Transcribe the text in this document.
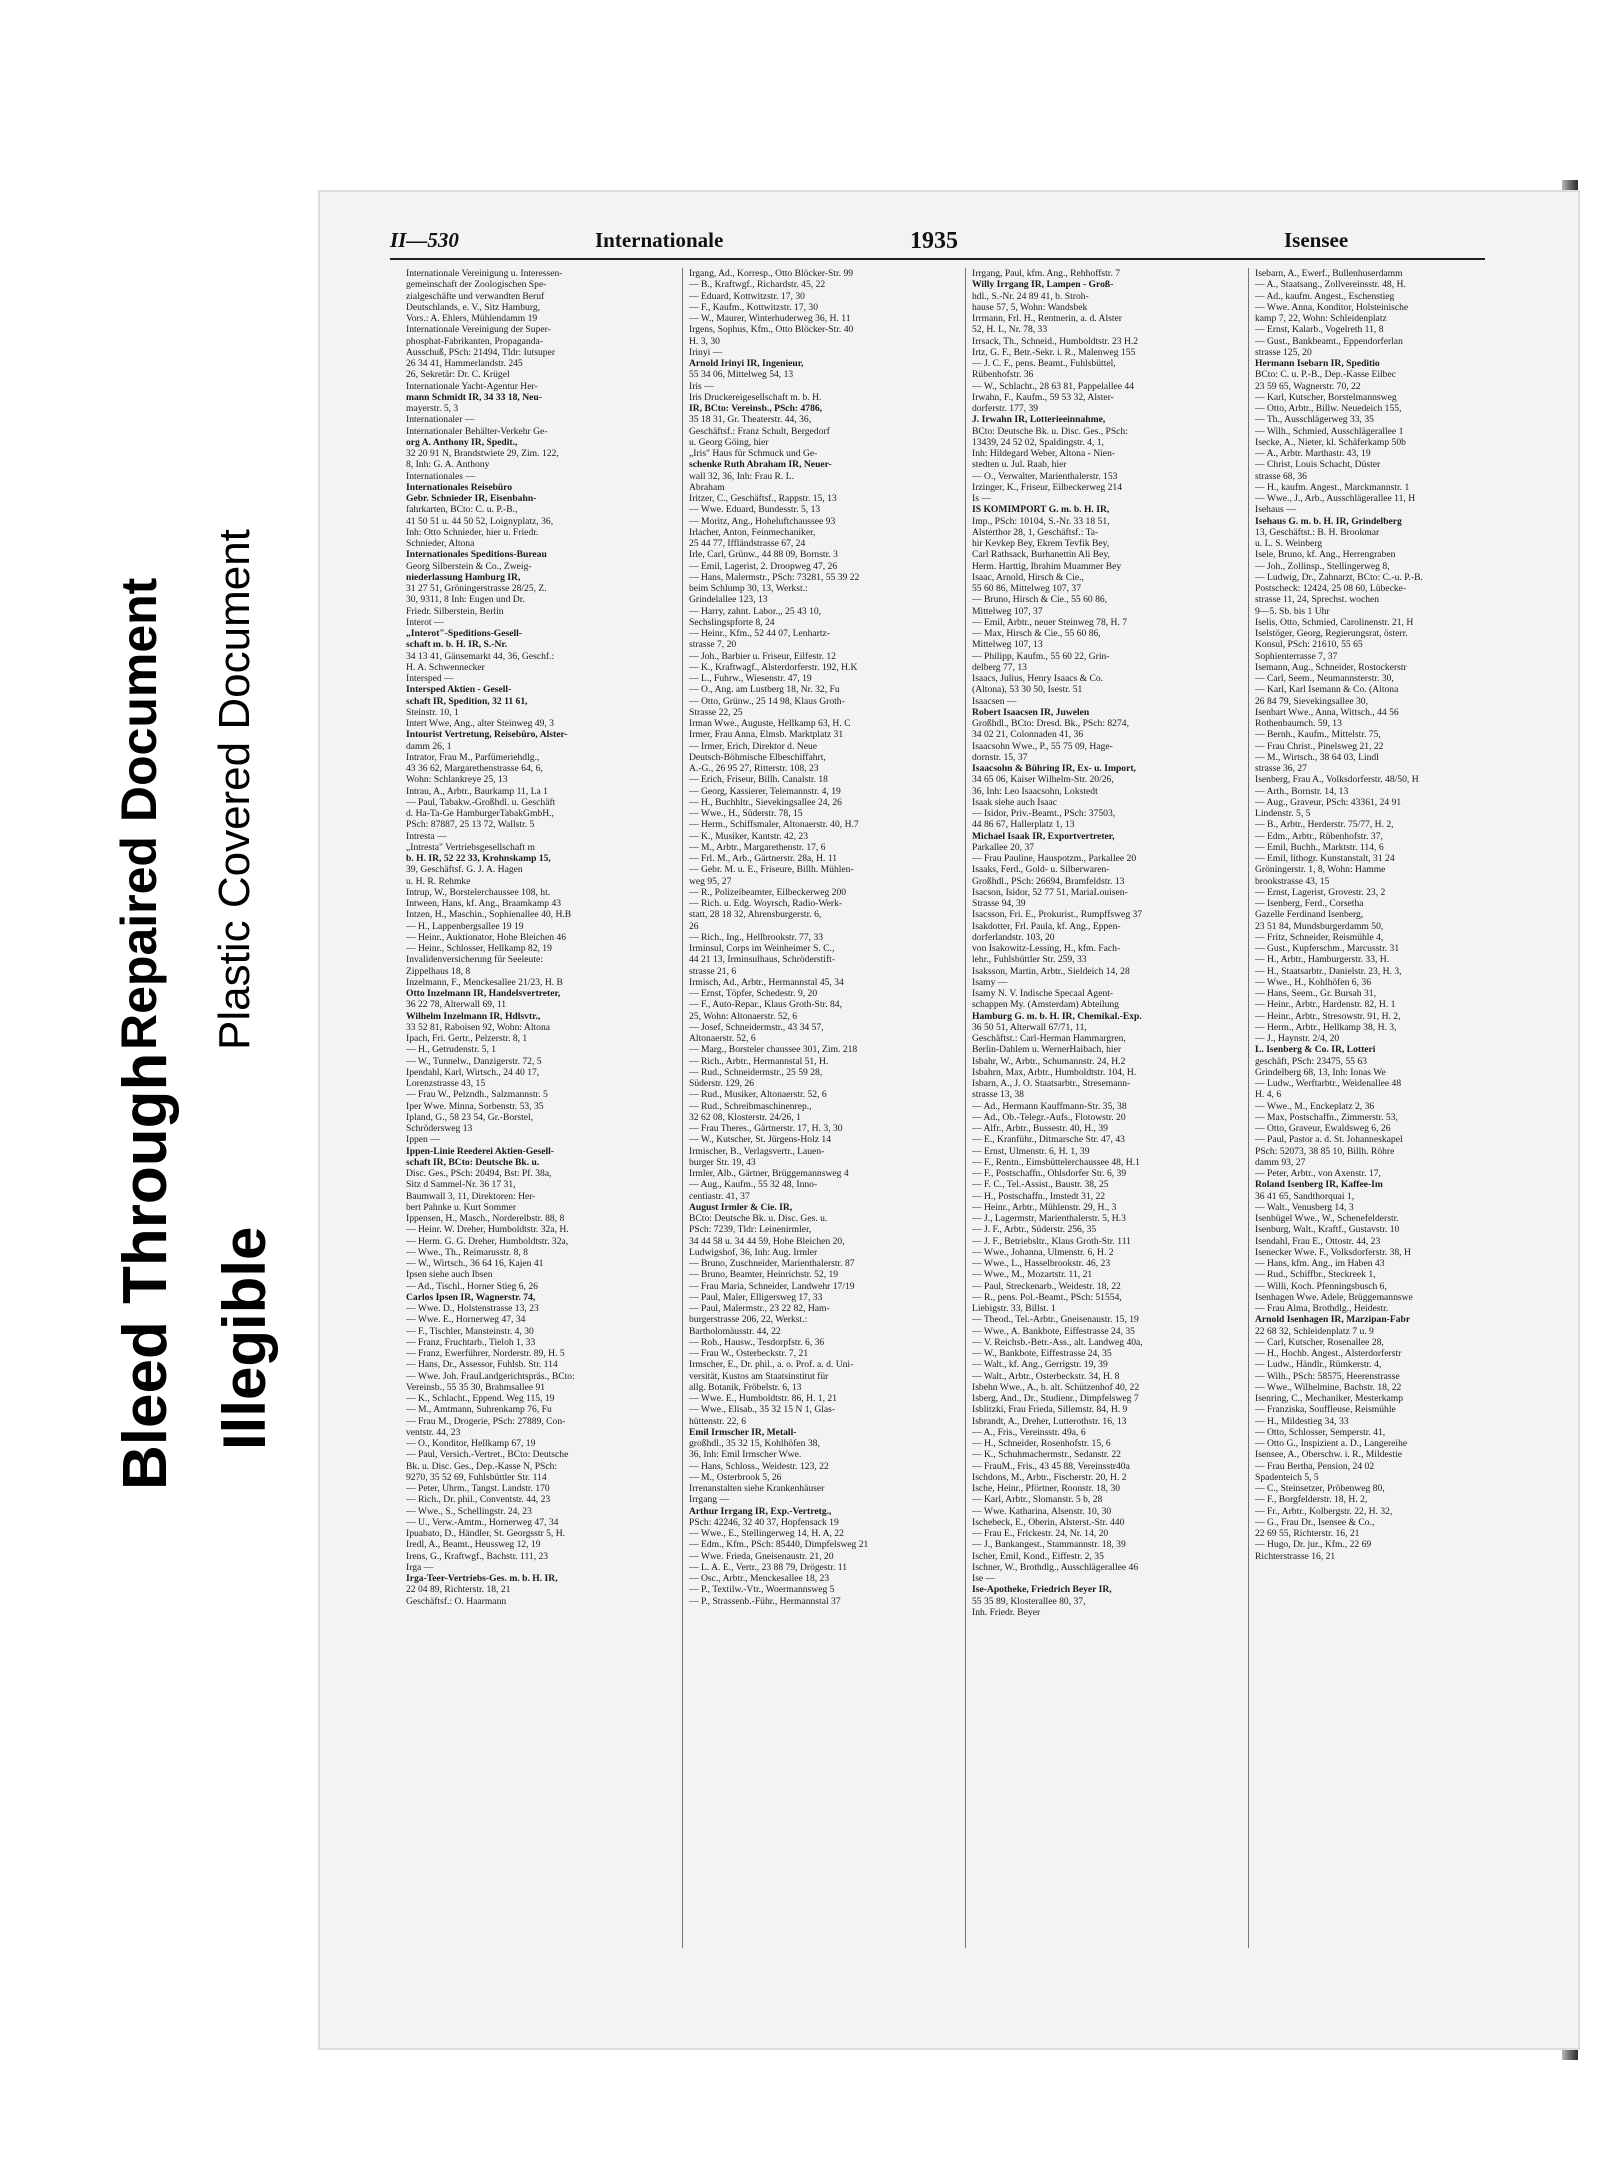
Bleed Through Illegible
Repaired Document Plastic Covered Document
II—530	Internationale	1935	Isensee
Internationale Vereinigung u. Interessen-
gemeinschaft der Zoologischen Spe-
zialgeschäfte und verwandten Beruf
Deutschlands, e. V., Sitz Hamburg,
Vors.: A. Ehlers, Mühlendamm 19
Internationale Vereinigung der Super-
phosphat-Fabrikanten, Propaganda-
Ausschuß, PSch: 21494, Tldr: Iutsuper
26 34 41, Hammerlandstr. 245
26, Sekretär: Dr. C. Krügel
Internationale Yacht-Agentur Her-
mann Schmidt IR, 34 33 18, Neu-
mayerstr. 5, 3
Internationaler —
Internationaler Behälter-Verkehr Ge-
org A. Anthony IR, Spedit.,
32 20 91 N, Brandstwiete 29, Zim. 122,
8, Inh: G. A. Anthony
Internationales —
Internationales Reisebüro
Gebr. Schnieder IR, Eisenbahn-
fahrkarten, BCto: C. u. P.-B.,
41 50 51 u. 44 50 52, Loignyplatz, 36,
Inh: Otto Schnieder, hier u. Friedr.
Schnieder, Altona
Internationales Speditions-Bureau
Georg Silberstein & Co., Zweig-
niederlassung Hamburg IR,
31 27 51, Gröningerstrasse 28/25, Z.
30, 9311, 8 Inh: Eugen und Dr.
Friedr. Silberstein, Berlin
Interot —
„Interot"-Speditions-Gesell-
schaft m. b. H. IR, S.-Nr.
34 13 41, Gänsemarkt 44, 36, Geschf.:
H. A. Schwennecker
Intersped —
Intersped Aktien - Gesell-
schaft IR, Spedition, 32 11 61,
Steinstr. 10, 1
Intert Wwe, Ang., alter Steinweg 49, 3
Intourist Vertretung, Reisebüro, Alster-
damm 26, 1
Intrator, Frau M., Parfümeriehdlg.,
43 36 62, Margarethenstrasse 64, 6,
Wohn: Schlankreye 25, 13
Intrau, A., Arbtr., Baurkamp 11, La 1
— Paul, Tabakw.-Großhdl. u. Geschäft
d. Ha-Ta-Ge HamburgerTabakGmbH.,
PSch: 87887, 25 13 72, Wallstr. 5
Intresta —
„Intresta" Vertriebsgesellschaft m
b. H. IR, 52 22 33, Krohnskamp 15,
39, Geschäftsf. G. J. A. Hagen
u. H. R. Rehmke
Intrup, W., Borstelerchaussee 108, ht.
Intween, Hans, kf. Ang., Braamkamp 43
Intzen, H., Maschin., Sophienallee 40, H.B
— H., Lappenbergsallee 19 19
— Heinr., Auktionator, Hohe Bleichen 46
— Heinr., Schlosser, Hellkamp 82, 19
Invalidenversicherung für Seeleute:
Zippelhaus 18, 8
Inzelmann, F., Menckesallee 21/23, H. B
Otto Inzelmann IR, Handelsvertreter,
36 22 78, Alterwall 69, 11
Wilhelm Inzelmann IR, Hdlsvtr.,
33 52 81, Raboisen 92, Wohn: Altona
Ipach, Fri. Gertr., Pelzerstr. 8, 1
— H., Getrudenstr. 5, 1
— W., Tunnelw., Danzigerstr. 72, 5
Ipendahl, Karl, Wirtsch., 24 40 17,
Lorenzstrasse 43, 15
— Frau W., Pelzndh., Salzmannstr. 5
Iper Wwe. Minna, Sorbenstr. 53, 35
Ipland, G., 58 23 54, Gr.-Borstel,
Schrödersweg 13
Ippen —
Ippen-Linie Reederei Aktien-Gesell-
schaft IR, BCto: Deutsche Bk. u.
Disc. Ges., PSch: 20494, Bst: Pf. 38a,
Sitz d Sammel-Nr. 36 17 31,
Baumwall 3, 11, Direktoren: Her-
bert Pahnke u. Kurt Sommer
Ippensen, H., Masch., Norderelbstr. 88, 8
— Heinr. W. Dreher, Humboldtstr. 32a, H.
— Herm. G. G. Dreher, Humboldtstr. 32a,
— Wwe., Th., Reimarusstr. 8, 8
— W., Wirtsch., 36 64 16, Kajen 41
Ipsen siehe auch Ibsen
— Ad., Tischl., Horner Stieg 6, 26
Carlos Ipsen IR, Wagnerstr. 74,
— Wwe. D., Holstenstrasse 13, 23
— Wwe. E., Hornerweg 47, 34
— F., Tischler, Mansteinstr. 4, 30
— Franz, Fruchtarb., Tieloh 1, 33
— Franz, Ewerführer, Norderstr. 89, H. 5
— Hans, Dr., Assessor, Fuhlsb. Str. 114
— Wwe. Joh. FrauLandgerichtspräs., BCto:
Vereinsb., 55 35 30, Brahmsallee 91
— K., Schlacht., Eppend. Weg 115, 19
— M., Amtmann, Suhrenkamp 76, Fu
— Frau M., Drogerie, PSch: 27889, Con-
ventstr. 44, 23
— O., Konditor, Hellkamp 67, 19
— Paul, Versich.-Vertret., BCto: Deutsche
Bk. u. Disc. Ges., Dep.-Kasse N, PSch:
9270, 35 52 69, Fuhlsbüttler Str. 114
— Peter, Uhrm., Tangst. Landstr. 170
— Rich., Dr. phil., Conventstr. 44, 23
— Wwe., S., Schellingstr. 24, 23
— U., Verw.-Amtm., Hornerweg 47, 34
Ipuabato, D., Händler, St. Georgsstr 5, H.
Iredl, A., Beamt., Heussweg 12, 19
Irens, G., Kraftwgf., Bachstr. 111, 23
Irga —
Irga-Teer-Vertriebs-Ges. m. b. H. IR,
22 04 89, Richterstr. 18, 21
Geschäftsf.: O. Haarmann
Irgang, Ad., Korresp., Otto Blöcker-Str. 99
— B., Kraftwgf., Richardstr. 45, 22
— Eduard, Kottwitzstr. 17, 30
— F., Kaufm., Kottwitzstr. 17, 30
— W., Maurer, Winterhuderweg 36, H. 11
Irgens, Sophus, Kfm., Otto Blöcker-Str. 40
H. 3, 30
Irinyi —
Arnold Irinyi IR, Ingenieur,
55 34 06, Mittelweg 54, 13
Iris —
Iris Druckereigesellschaft m. b. H.
IR, BCto: Vereinsb., PSch: 4786,
35 18 31, Gr. Theaterstr. 44, 36,
Geschäftsf.: Franz Schult, Bergedorf
u. Georg Göing, hier
„Iris" Haus für Schmuck und Ge-
schenke Ruth Abraham IR, Neuer-
wall 32, 36, Inh: Frau R. L.
Abraham
Iritzer, C., Geschäftsf., Rappstr. 15, 13
— Wwe. Eduard, Bundesstr. 5, 13
— Moritz, Ang., Hoheluftchaussee 93
Irlacher, Anton, Feinmechaniker,
25 44 77, Iffländstrasse 67, 24
Irle, Carl, Grünw., 44 88 09, Bornstr. 3
— Emil, Lagerist, 2. Droopweg 47, 26
— Hans, Malermstr., PSch: 73281, 55 39 22
beim Schlump 30, 13, Werkst.:
Grindelallee 123, 13
— Harry, zahnt. Labor.,, 25 43 10,
Sechslingspforte 8, 24
— Heinr., Kfm., 52 44 07, Lenhartz-
strasse 7, 20
— Joh., Barbier u. Friseur, Eilfestr. 12
— K., Kraftwagf., Alsterdorferstr. 192, H.K
— L., Fuhrw., Wiesenstr. 47, 19
— O., Ang. am Lustberg 18, Nr. 32, Fu
— Otto, Grünw., 25 14 98, Klaus Groth-
Strasse 22, 25
Irman Wwe., Auguste, Hellkamp 63, H. C
Irmer, Frau Anna, Elmsb. Marktplatz 31
— Irmer, Erich, Direktor d. Neue
Deutsch-Böhmische Elbeschiffahrt,
A.-G., 26 95 27, Ritterstr. 108, 23
— Erich, Friseur, Billh. Canalstr. 18
— Georg, Kassierer, Telemannstr. 4, 19
— H., Buchhltr., Sievekingsallee 24, 26
— Wwe., H., Süderstr. 78, 15
— Herm., Schiffsmaler, Altonaerstr. 40, H.7
— K., Musiker, Kantstr. 42, 23
— M., Arbtr., Margarethenstr. 17, 6
— Frl. M., Arb., Gärtnerstr. 28a, H. 11
— Gebr. M. u. E., Friseure, Billh. Mühlen-
weg 95, 27
— R., Polizeibeamter, Eilbeckerweg 200
— Rich. u. Edg. Woyrsch, Radio-Werk-
statt, 28 18 32, Ahrensburgerstr. 6,
26
— Rich., Ing., Hellbrookstr. 77, 33
Irminsul, Corps im Weinheimer S. C.,
44 21 13, Irminsulhaus, Schröderstift-
strasse 21, 6
Irmisch, Ad., Arbtr., Hermannstal 45, 34
— Ernst, Töpfer, Schedestr. 9, 20
— F., Auto-Repar., Klaus Groth-Str. 84,
25, Wohn: Altonaerstr. 52, 6
— Josef, Schneidermstr., 43 34 57,
Altonaerstr. 52, 6
— Marg., Borsteler chaussee 301, Zim. 218
— Rich., Arbtr., Hermannstal 51, H.
— Rud., Schneidermstr., 25 59 28,
Süderstr. 129, 26
— Rud., Musiker, Altonaerstr. 52, 6
— Rud., Schreibmaschinenrep.,
32 62 08, Klosterstr. 24/26, 1
— Frau Theres., Gärtnerstr. 17, H. 3, 30
— W., Kutscher, St. Jürgens-Holz 14
Irmischer, B., Verlagsvertr., Lauen-
burger Str. 19, 43
Irmler, Alb., Gärtner, Brüggemannsweg 4
— Aug., Kaufm., 55 32 48, Inno-
centiastr. 41, 37
August Irmler & Cie. IR,
BCto: Deutsche Bk. u. Disc. Ges. u.
PSch: 7239, Tldr: Leinenirmler,
34 44 58 u. 34 44 59, Hohe Bleichen 20,
Ludwigshof, 36, Inh: Aug. Irmler
— Bruno, Zuschneider, Marienthalerstr. 87
— Bruno, Beamter, Heinrichstr. 52, 19
— Frau Maria, Schneider, Landwehr 17/19
— Paul, Maler, Elligersweg 17, 33
— Paul, Malermstr., 23 22 82, Ham-
burgerstrasse 206, 22, Werkst.:
Bartholomäusstr. 44, 22
— Rob., Hausw., Tesdorpfstr. 6, 36
— Frau W., Osterbeckstr. 7, 21
Irmscher, E., Dr. phil., a. o. Prof. a. d. Uni-
versität, Kustos am Staatsinstitut für
allg. Botanik, Fröbelstr. 6, 13
— Wwe. E., Humboldtstr. 86, H. 1, 21
— Wwe., Elisab., 35 32 15 N 1, Glas-
hüttenstr. 22, 6
Emil Irmscher IR, Metall-
großhdl., 35 32 15, Kohlhöfen 38,
36, Inh: Emil Irmscher Wwe.
— Hans, Schloss., Weidestr. 123, 22
— M., Osterbrook 5, 26
Irrenanstalten siehe Krankenhäuser
Irrgang —
Arthur Irrgang IR, Exp.-Vertretg.,
PSch: 42246, 32 40 37, Hopfensack 19
— Wwe., E., Stellingerweg 14, H. A, 22
— Edm., Kfm., PSch: 85440, Dimpfelsweg 21
— Wwe. Frieda, Gneisenaustr. 21, 20
— L. A. E., Vertr., 23 88 79, Drögestr. 11
— Osc., Arbtr., Menckesallee 18, 23
— P., Textilw.-Vtr., Woermannsweg 5
— P., Strassenb.-Führ., Hermannstal 37
Irrgang, Paul, kfm. Ang., Rehhoffstr. 7
Willy Irrgang IR, Lampen - Groß-
hdl., S.-Nr. 24 89 41, b. Stroh-
hause 57, 5, Wohn: Wandsbek
Irrmann, Frl. H., Rentnerin, a. d. Alster
52, H. L, Nr. 78, 33
Irrsack, Th., Schneid., Humboldtstr. 23 H.2
Irtz, G. F., Betr.-Sekr. i. R., Malenweg 155
— J. C. F., pens. Beamt., Fuhlsbüttel,
Rübenhofstr. 36
— W., Schlacht., 28 63 81, Pappelallee 44
Irwahn, F., Kaufm., 59 53 32, Alster-
dorferstr. 177, 39
J. Irwahn IR, Lotterieeinnahme,
BCto: Deutsche Bk. u. Disc. Ges., PSch:
13439, 24 52 02, Spaldingstr. 4, 1,
Inh: Hildegard Weber, Altona - Nien-
stedten u. Jul. Raab, hier
— O., Verwalter, Marienthalerstr. 153
Irzinger, K., Friseur, Eilbeckerweg 214
Is —
IS KOMIMPORT G. m. b. H. IR,
Imp., PSch: 10104, S.-Nr. 33 18 51,
Alsterthor 28, 1, Geschäftsf.: Ta-
hir Kevkep Bey, Ekrem Tevfik Bey,
Carl Rathsack, Burhanettin Ali Bey,
Herm. Harttig, Ibrahim Muammer Bey
Isaac, Arnold, Hirsch & Cie.,
55 60 86, Mittelweg 107, 37
— Bruno, Hirsch & Cie., 55 60 86,
Mittelweg 107, 37
— Emil, Arbtr., neuer Steinweg 78, H. 7
— Max, Hirsch & Cie., 55 60 86,
Mittelweg 107, 13
— Philipp, Kaufm., 55 60 22, Grin-
delberg 77, 13
Isaacs, Julius, Henry Isaacs & Co.
(Altona), 53 30 50, Isestr. 51
Isaacsen —
Robert Isaacsen IR, Juwelen
Großhdl., BCto: Dresd. Bk., PSch: 8274,
34 02 21, Colonnaden 41, 36
Isaacsohn Wwe., P., 55 75 09, Hage-
dornstr. 15, 37
Isaacsohn & Bühring IR, Ex- u. Import,
34 65 06, Kaiser Wilhelm-Str. 20/26,
36, Inh: Leo Isaacsohn, Lokstedt
Isaak siehe auch Isaac
— Isidor, Priv.-Beamt., PSch: 37503,
44 86 67, Hallerplatz 1, 13
Michael Isaak IR, Exportvertreter,
Parkallee 20, 37
— Frau Pauline, Hauspotzm., Parkallee 20
Isaaks, Ferd., Gold- u. Silberwaren-
Großhdl., PSch: 26694, Bramfeldstr. 13
Isacson, Isidor, 52 77 51, MariaLouisen-
Strasse 94, 39
Isacsson, Fri. E., Prokurist., Rumpffsweg 37
Isakdotter, Frl. Paula, kf. Ang., Eppen-
dorferlandstr. 103, 20
von Isakowitz-Lessing, H., kfm. Fach-
lehr., Fuhlsbüttler Str. 259, 33
Isaksson, Martin, Arbtr., Sieldeich 14, 28
Isamy —
Isamy N. V. Indische Specaal Agent-
schappen My. (Amsterdam) Abteilung
Hamburg G. m. b. H. IR, Chemikal.-Exp.
36 50 51, Alterwall 67/71, 11,
Geschäftst.: Carl-Herman Hammargren,
Berlin-Dahlem u. WernerHaibach, hier
Isbahr, W., Arbtr., Schumannstr. 24, H.2
Isbahrn, Max, Arbtr., Humboldtstr. 104, H.
Isbarn, A., J. O. Staatsarbtr., Stresemann-
strasse 13, 38
— Ad., Hermann Kauffmann-Str. 35, 38
— Ad., Ob.-Telegr.-Aufs., Flotowstr. 20
— Alfr., Arbtr., Bussestr. 40, H., 39
— E., Kranführ., Ditmarsche Str. 47, 43
— Ernst, Ulmenstr. 6, H. 1, 39
— F., Rentn., Eimsbüttelerchaussee 48, H.1
— F., Postschaffn., Ohlsdorfer Str. 6, 39
— F. C., Tel.-Assist., Baustr. 38, 25
— H., Postschaffn., Imstedt 31, 22
— Heinr., Arbtr., Mühlenstr. 29, H., 3
— J., Lagermstr, Marienthalerstr. 5, H.3
— J. F., Arbtr., Süderstr. 256, 35
— J. F., Betriebsltr., Klaus Groth-Str. 111
— Wwe., Johanna, Ulmenstr. 6, H. 2
— Wwe., L., Hasselbrookstr. 46, 23
— Wwe., M., Mozartstr. 11, 21
— Paul, Streckenarb., Weidestr. 18, 22
— R., pens. Pol.-Beamt., PSch: 51554,
Liebigstr. 33, Billst. 1
— Theod., Tel.-Arbtr., Gneisenaustr. 15, 19
— Wwe., A. Bankbote, Eiffestrasse 24, 35
— V. Reichsb.-Betr.-Ass., alt. Landweg 40a,
— W., Bankbote, Eiffestrasse 24, 35
— Walt., kf. Ang., Gerrigstr. 19, 39
— Walt., Arbtr., Osterbeckstr. 34, H. 8
Isbehn Wwe., A., b. alt. Schützenhof 40, 22
Isberg, And., Dr., Studienr., Dimpfelsweg 7
Isblitzki, Frau Frieda, Sillemstr. 84, H. 9
Isbrandt, A., Dreher, Lutterothstr. 16, 13
— A., Fris., Vereinsstr. 49a, 6
— H., Schneider, Rosenhofstr. 15, 6
— K., Schuhmachermstr., Sedanstr. 22
— FrauM., Fris., 43 45 88, Vereinsstr40a
Ischdons, M., Arbtr., Fischerstr. 20, H. 2
Ische, Heinr., Pförtner, Roonstr. 18, 30
— Karl, Arbtr., Slomanstr. 5 b, 28
— Wwe. Katharina, Alsenstr. 10, 30
Ischebeck, E., Oberin, Alsterst.-Str. 440
— Frau E., Frickestr. 24, Nr. 14, 20
— J., Bankangest., Stammannstr. 18, 39
Ischer, Emil, Kond., Eiffestr. 2, 35
Ischner, W., Brothdlg., Ausschlägerallee 46
Ise —
Ise-Apotheke, Friedrich Beyer IR,
55 35 89, Klosterallee 80, 37,
Inh. Friedr. Beyer
Isebarn, A., Ewerf., Bullenhuserdamm
— A., Staatsang., Zollvereinsstr. 48, H.
— Ad., kaufm. Angest., Eschenstieg
— Wwe. Anna, Konditor, Holsteinische
kamp 7, 22, Wohn: Schleidenplatz
— Ernst, Kalarb., Vogelreth 11, 8
— Gust., Bankbeamt., Eppendorferlan
strasse 125, 20
Hermann Isebarn IR, Speditio
BCto: C. u. P.-B., Dep.-Kasse Eilbec
23 59 65, Wagnerstr. 70, 22
— Karl, Kutscher, Borstelmannsweg
— Otto, Arbtr., Billw. Neuedeich 155,
— Th., Ausschlägerweg 33, 35
— Wilh., Schmied, Ausschlägerallee 1
Isecke, A., Nieter, kl. Schäferkamp 50b
— A., Arbtr. Marthastr. 43, 19
— Christ, Louis Schacht, Düster
strasse 68, 36
— H., kaufm. Angest., Marckmannstr. 1
— Wwe., J., Arb., Ausschlägerallee 11, H
Isehaus —
Isehaus G. m. b. H. IR, Grindelberg
13, Geschäftst.: B. H. Brookmar
u. L. S. Weinberg
Isele, Bruno, kf. Ang., Herrengraben
— Joh., Zollinsp., Stellingerweg 8,
— Ludwig, Dr., Zahnarzt, BCto: C.-u. P.-B.
Postscheck: 12424, 25 08 60, Lübecke-
strasse 11, 24, Sprechst. wochen
9—5. Sb. bis 1 Uhr
Iselis, Otto, Schmied, Carolinenstr. 21, H
Iselstöger, Georg, Regierungsrat, österr.
Konsul, PSch: 21610, 55 65
Sophienterrasse 7, 37
Isemann, Aug., Schneider, Rostockerstr
— Carl, Seem., Neumannsterstr. 30,
— Karl, Karl Isemann & Co. (Altona
26 84 79, Sievekingsallee 30,
Isenbart Wwe., Anna, Wittsch., 44 56
Rothenbaumch. 59, 13
— Bernh., Kaufm., Mittelstr. 75,
— Frau Christ., Pinelsweg 21, 22
— M., Wirtsch., 38 64 03, Lindl
strasse 36, 27
Isenberg, Frau A., Volksdorferstr. 48/50, H
— Arth., Bornstr. 14, 13
— Aug., Graveur, PSch: 43361, 24 91
Lindenstr. 5, 5
— B., Arbtr., Herderstr. 75/77, H. 2,
— Edm., Arbtr., Rübenhofstr. 37,
— Emil, Buchh., Marktstr. 114, 6
— Emil, lithogr. Kunstanstalt, 31 24
Gröningerstr. 1, 8, Wohn: Hamme
brookstrasse 43, 15
— Ernst, Lagerist, Grovestr. 23, 2
— Isenberg, Ferd., Corsetha
Gazelle Ferdinand Isenberg,
23 51 84, Mundsburgerdamm 50,
— Fritz, Schneider, Reismühle 4,
— Gust., Kupferschm., Marcusstr. 31
— H., Arbtr., Hamburgerstr. 33, H.
— H., Staatsarbtr., Danielstr. 23, H. 3,
— Wwe., H., Kohlhöfen 6, 36
— Hans, Seem., Gr. Bursah 31,
— Heinr., Arbtr., Hardenstr. 82, H. 1
— Heinr., Arbtr., Stresowstr. 91, H. 2,
— Herm., Arbtr., Hellkamp 38, H. 3,
— J., Haynstr. 2/4, 20
L. Isenberg & Co. IR, Lotteri
geschäft, PSch: 23475, 55 63
Grindelberg 68, 13, Inh: Ionas We
— Ludw., Werftarbtr., Weidenallee 48
H. 4, 6
— Wwe., M., Enckeplatz 2, 36
— Max, Postschaffn., Zimmerstr. 53,
— Otto, Graveur, Ewaldsweg 6, 26
— Paul, Pastor a. d. St. Johanneskapel
PSch: 52073, 38 85 10, Billh. Röhre
damm 93, 27
— Peter, Arbtr., von Axenstr. 17,
Roland Isenberg IR, Kaffee-Im
36 41 65, Sandthorquai 1,
— Walt., Venusberg 14, 3
Isenbügel Wwe., W., Schenefelderstr.
Isenburg, Walt., Kraftf., Gustavstr. 10
Isendahl, Frau E., Ottostr. 44, 23
Isenecker Wwe. F., Volksdorferstr. 38, H
— Hans, kfm. Ang., im Haben 43
— Rud., Schiffbr., Steckreek 1,
— Willi, Koch. Pfenningsbusch 6,
Isenhagen Wwe. Adele, Brüggemannswe
— Frau Alma, Brothdlg., Heidestr.
Arnold Isenhagen IR, Marzipan-Fabr
22 68 32, Schleidenplatz 7 u. 9
— Carl, Kutscher, Rosenallee 28,
— H., Hochb. Angest., Alsterdorferstr
— Ludw., Händlr., Rümkerstr. 4,
— Wilh., PSch: 58575, Heerenstrasse
— Wwe., Wilhelmine, Bachstr. 18, 22
Isenring, C., Mechaniker, Mesterkamp
— Franziska, Souffleuse, Reismühle
— H., Mildestieg 34, 33
— Otto, Schlosser, Semperstr. 41,
— Otto G., Inspizient a. D., Langereihe
Isensee, A., Oberschw. i. R., Mildestie
— Frau Bertha, Pension, 24 02
Spadenteich 5, 5
— C., Steinsetzer, Pröbenweg 80,
— F., Borgfelderstr. 18, H. 2,
— Fr., Arbtr., Kolbergstr. 22, H. 32,
— G., Frau Dr., Isensee & Co.,
22 69 55, Richterstr. 16, 21
— Hugo, Dr. jur., Kfm., 22 69
Richterstrasse 16, 21
